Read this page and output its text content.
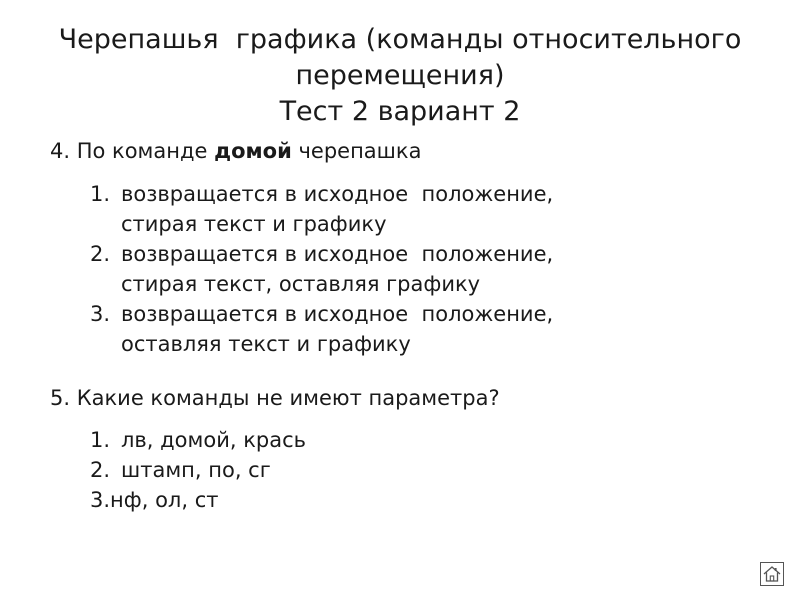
Черепашья  графика (команды относительного
перемещения)
Тест 2 вариант 2
4. По команде домой черепашка
1. возвращается в исходное  положение,
стирая текст и графику
2. возвращается в исходное  положение,
стирая текст, оставляя графику
3. возвращается в исходное  положение,
оставляя текст и графику
5. Какие команды не имеют параметра?
1. лв, домой, крась
2. штамп, по, сг
3.нф, ол, ст
